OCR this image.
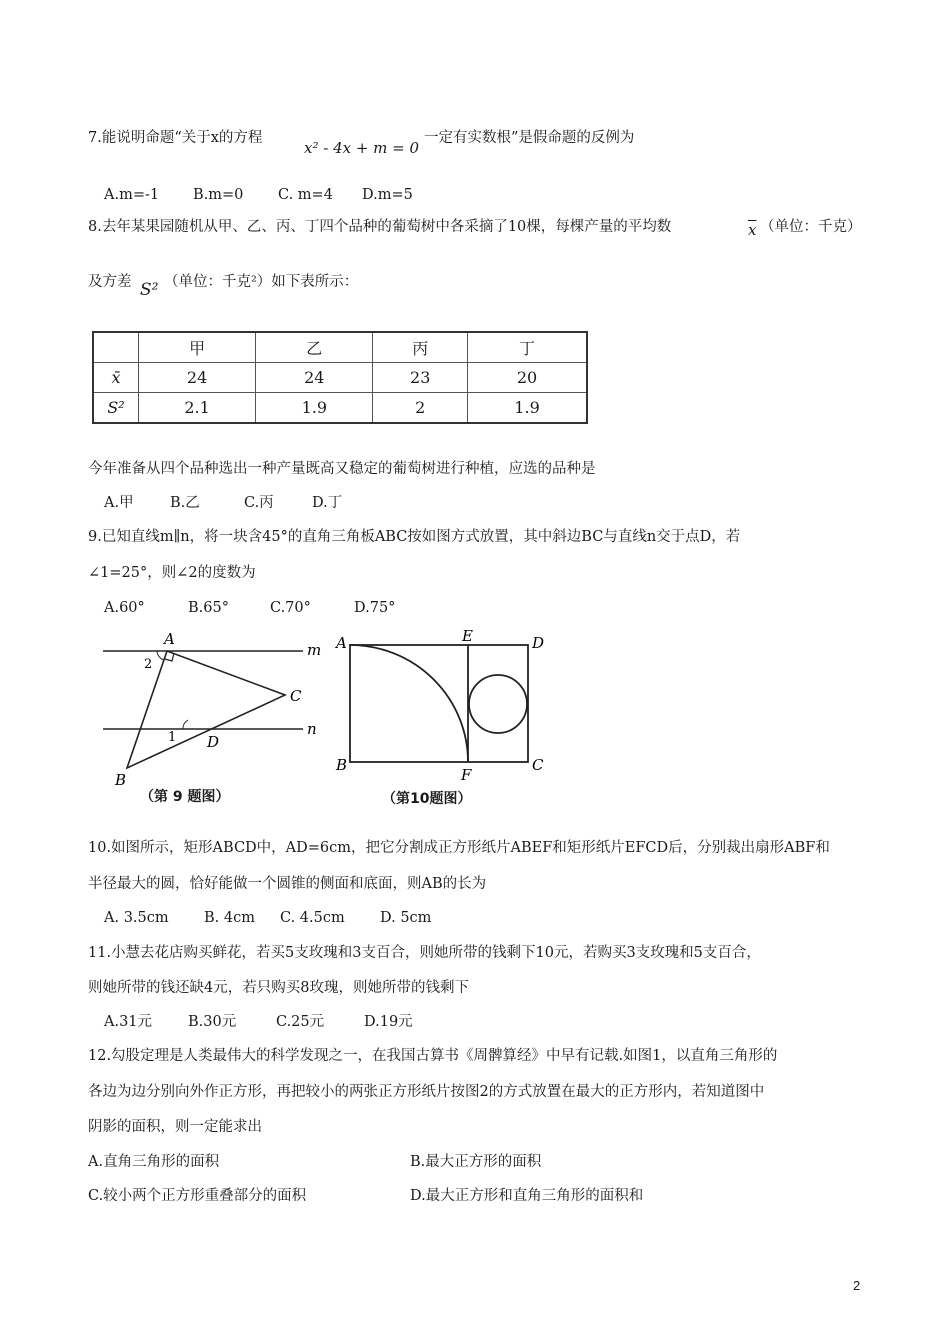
7.能说明命题“关于x的方程
x² - 4x + m = 0
一定有实数根”是假命题的反例为
A.m=-1 B.m=0 C. m=4 D.m=5
8.去年某果园随机从甲、乙、丙、丁四个品种的葡萄树中各采摘了10棵，每棵产量的平均数	$\overline{x}$ （单位：千克）
及方差 S² （单位：千克²）如下表所示：
	甲	乙	丙	丁
x̄	24	24	23	20
S²	2.1	1.9	2	1.9
今年准备从四个品种选出一种产量既高又稳定的葡萄树进行种植，应选的品种是
A.甲	B.乙	C.丙	D.丁
9.已知直线m∥n，将一块含45°的直角三角板ABC按如图方式放置，其中斜边BC与直线n交于点D，若
∠1=25°，则∠2的度数为
A.60°	B.65°	C.70°	D.75°
A
2
m
C
1 D
n
B
（第 9 题图）
A	E	D
B
F
C
（第10题图）
10.如图所示，矩形ABCD中，AD=6cm，把它分割成正方形纸片ABEF和矩形纸片EFCD后，分别裁出扇形ABF和
半径最大的圆，恰好能做一个圆锥的侧面和底面，则AB的长为
A. 3.5cm B. 4cm C. 4.5cm D. 5cm
11.小慧去花店购买鲜花，若买5支玫瑰和3支百合，则她所带的钱剩下10元，若购买3支玫瑰和5支百合，
则她所带的钱还缺4元，若只购买8玫瑰，则她所带的钱剩下
A.31元 B.30元	C.25元	D.19元
12.勾股定理是人类最伟大的科学发现之一，在我国古算书《周髀算经》中早有记载.如图1，以直角三角形的
各边为边分别向外作正方形，再把较小的两张正方形纸片按图2的方式放置在最大的正方形内，若知道图中
阴影的面积，则一定能求出
A.直角三角形的面积	B.最大正方形的面积
C.较小两个正方形重叠部分的面积	D.最大正方形和直角三角形的面积和
2
